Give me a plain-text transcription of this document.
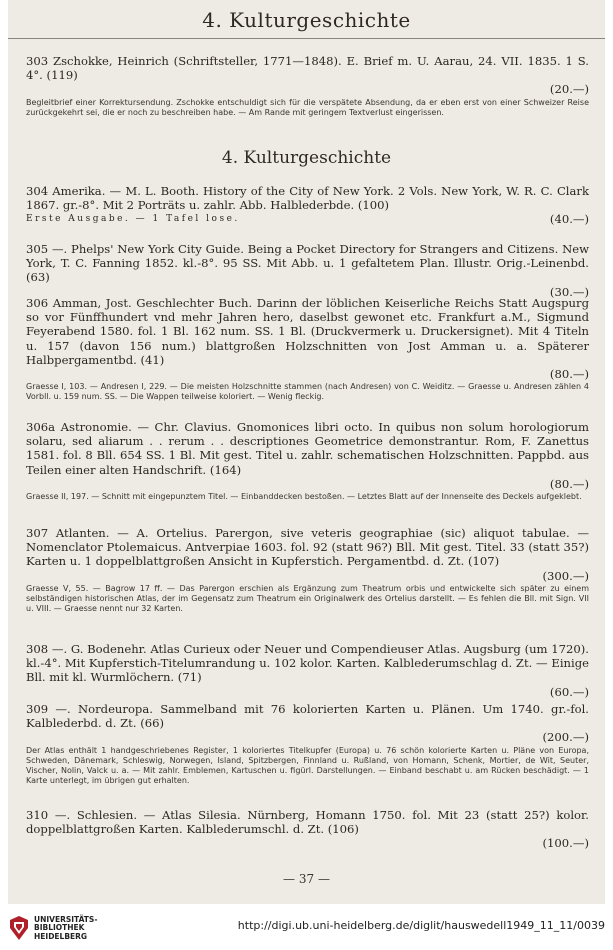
4. Kulturgeschichte
303 Zschokke, Heinrich (Schriftsteller, 1771—1848). E. Brief m. U. Aarau, 24. VII. 1835. 1 S. 4°. (119)
(20.—)
Begleitbrief einer Korrektursendung. Zschokke entschuldigt sich für die verspätete Absendung, da er eben erst von einer Schweizer Reise zurückgekehrt sei, die er noch zu beschreiben habe. — Am Rande mit geringem Textverlust eingerissen.
4. Kulturgeschichte
304 Amerika. — M. L. Booth. History of the City of New York. 2 Vols. New York, W. R. C. Clark 1867. gr.-8°. Mit 2 Porträts u. zahlr. Abb. Halblederbde. (100)
Erste Ausgabe. — 1 Tafel lose.	(40.—)
305 —. Phelps' New York City Guide. Being a Pocket Directory for Strangers and Citizens. New York, T. C. Fanning 1852. kl.-8°. 95 SS. Mit Abb. u. 1 gefaltetem Plan. Illustr. Orig.-Leinenbd. (63)
(30.—)
306 Amman, Jost. Geschlechter Buch. Darinn der löblichen Keiserliche Reichs Statt Augspurg so vor Fünffhundert vnd mehr Jahren hero, daselbst gewonet etc. Frankfurt a.M., Sigmund Feyerabend 1580. fol. 1 Bl. 162 num. SS. 1 Bl. (Druckvermerk u. Druckersignet). Mit 4 Titeln u. 157 (davon 156 num.) blattgroßen Holzschnitten von Jost Amman u. a. Späterer Halbpergamentbd. (41)
(80.—)
Graesse I, 103. — Andresen I, 229. — Die meisten Holzschnitte stammen (nach Andresen) von C. Weiditz. — Graesse u. Andresen zählen 4 Vorbll. u. 159 num. SS. — Die Wappen teilweise koloriert. — Wenig fleckig.
306a Astronomie. — Chr. Clavius. Gnomonices libri octo. In quibus non solum horologiorum solaru, sed aliarum . . rerum . . descriptiones Geometrice demonstrantur. Rom, F. Zanettus 1581. fol. 8 Bll. 654 SS. 1 Bl. Mit gest. Titel u. zahlr. schematischen Holzschnitten. Pappbd. aus Teilen einer alten Handschrift. (164)
(80.—)
Graesse II, 197. — Schnitt mit eingepunztem Titel. — Einbanddecken bestoßen. — Letztes Blatt auf der Innenseite des Deckels aufgeklebt.
307 Atlanten. — A. Ortelius. Parergon, sive veteris geographiae (sic) aliquot tabulae. — Nomenclator Ptolemaicus. Antverpiae 1603. fol. 92 (statt 96?) Bll. Mit gest. Titel. 33 (statt 35?) Karten u. 1 doppelblattgroßen Ansicht in Kupferstich. Pergamentbd. d. Zt. (107)
(300.—)
Graesse V, 55. — Bagrow 17 ff. — Das Parergon erschien als Ergänzung zum Theatrum orbis und entwickelte sich später zu einem selbständigen historischen Atlas, der im Gegensatz zum Theatrum ein Originalwerk des Ortelius darstellt. — Es fehlen die Bll. mit Sign. VII u. VIII. — Graesse nennt nur 32 Karten.
308 —. G. Bodenehr. Atlas Curieux oder Neuer und Compendieuser Atlas. Augsburg (um 1720). kl.-4°. Mit Kupferstich-Titelumrandung u. 102 kolor. Karten. Kalblederumschlag d. Zt. — Einige Bll. mit kl. Wurmlöchern. (71)
(60.—)
309 —. Nordeuropa. Sammelband mit 76 kolorierten Karten u. Plänen. Um 1740. gr.-fol. Kalblederbd. d. Zt. (66)
(200.—)
Der Atlas enthält 1 handgeschriebenes Register, 1 koloriertes Titelkupfer (Europa) u. 76 schön kolorierte Karten u. Pläne von Europa, Schweden, Dänemark, Schleswig, Norwegen, Island, Spitzbergen, Finnland u. Rußland, von Homann, Schenk, Mortier, de Wit, Seuter, Vischer, Nolin, Valck u. a. — Mit zahlr. Emblemen, Kartuschen u. figürl. Darstellungen. — Einband beschabt u. am Rücken beschädigt. — 1 Karte unterlegt, im übrigen gut erhalten.
310 —. Schlesien. — Atlas Silesia. Nürnberg, Homann 1750. fol. Mit 23 (statt 25?) kolor. doppelblattgroßen Karten. Kalblederumschl. d. Zt. (106)
(100.—)
— 37 —
UNIVERSITÄTS-
BIBLIOTHEK
HEIDELBERG
http://digi.ub.uni-heidelberg.de/diglit/hauswedell1949_11_11/0039
